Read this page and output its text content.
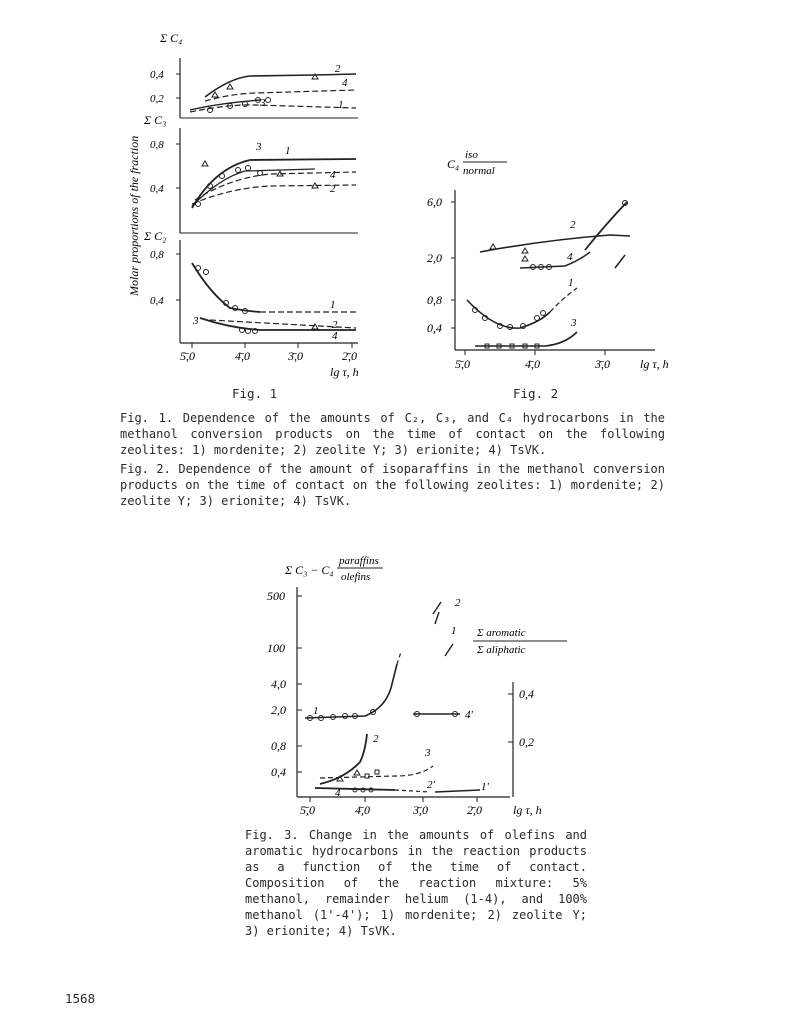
Molar proportions of the fraction
Σ C₄
Σ C₃
Σ C₂
0,4
0,2
2
4
1
3
0,8
0,4
3 1
4
2
0,8
0,4	1
3	2
4
5̄,0	4̄,0	3̄,0	2̄,0
lg τ, h
Fig. 1
C₄
iso
normal
6,0
2,0
0,8
0,4
2
4
1
3
5̄,0	4̄,0	3̄,0	lg τ, h
Fig. 2
Fig. 1. Dependence of the amounts of C₂, C₃, and C₄ hydrocarbons in the methanol conversion products on the time of contact on the following zeolites: 1) mordenite; 2) zeolite Y; 3) erionite; 4) TsVK.
Fig. 2. Dependence of the amount of isoparaffins in the methanol conversion products on the time of contact on the following zeolites: 1) mordenite; 2) zeolite Y; 3) erionite; 4) TsVK.
Σ C₃ − C₄
paraffins
olefins
500
100
4,0
2,0
0,8
0,4
0,4
0,2
Σ aromatic
Σ aliphatic
2
1
1	4'
2
3
4
2'	1'
5̄,0	4̄,0	3̄,0	2̄,0	lg τ, h
Fig. 3. Change in the amounts of olefins and aromatic hydrocarbons in the reaction products as a function of the time of contact. Composition of the reaction mixture: 5% methanol, remainder helium (1-4), and 100% methanol (1'-4'); 1) mordenite; 2) zeolite Y; 3) erionite; 4) TsVK.
1568
